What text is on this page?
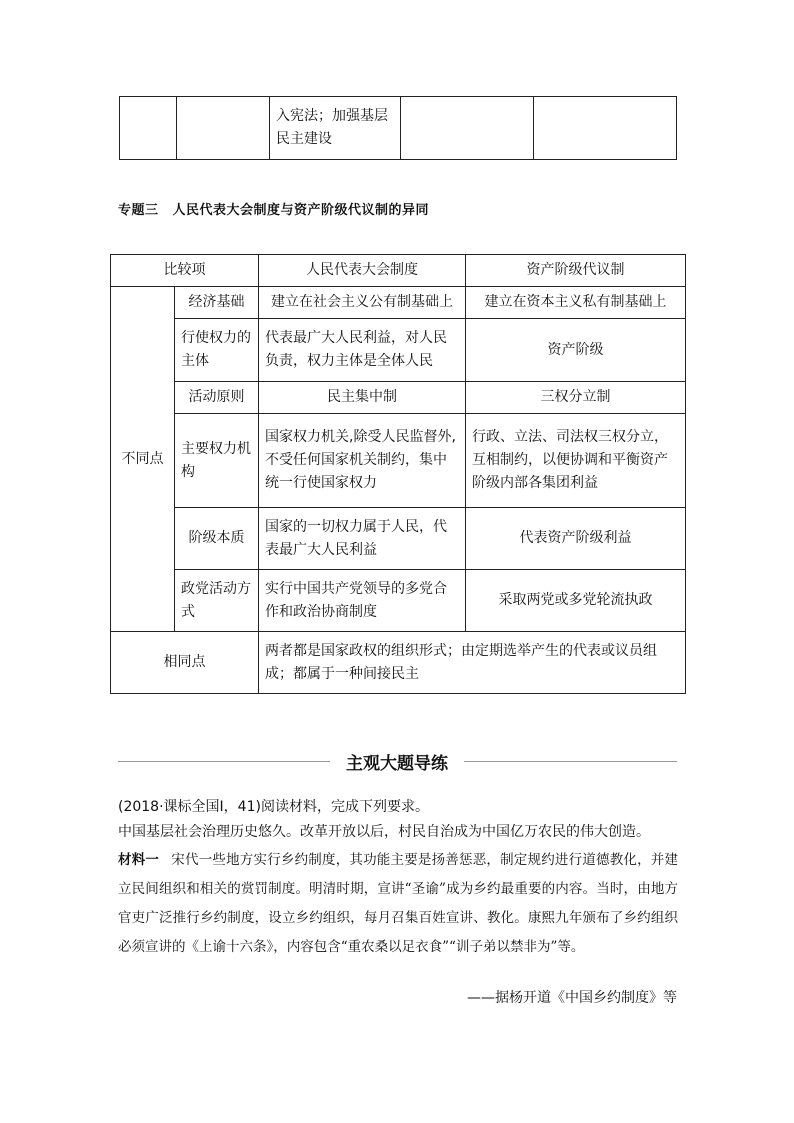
		入宪法；加强基层民主建设		
专题三 人民代表大会制度与资产阶级代议制的异同
比较项		人民代表大会制度	资产阶级代议制
不同点	经济基础	建立在社会主义公有制基础上	建立在资本主义私有制基础上
	行使权力的主体	代表最广大人民利益，对人民负责，权力主体是全体人民	资产阶级
	活动原则	民主集中制	三权分立制
	主要权力机构	国家权力机关,除受人民监督外,不受任何国家机关制约，集中统一行使国家权力	行政、立法、司法权三权分立，互相制约，以便协调和平衡资产阶级内部各集团利益
	阶级本质	国家的一切权力属于人民，代表最广大人民利益	代表资产阶级利益
	政党活动方式	实行中国共产党领导的多党合作和政治协商制度	采取两党或多党轮流执政
相同点		两者都是国家政权的组织形式；由定期选举产生的代表或议员组成；都属于一种间接民主	
主观大题导练
(2018·课标全国Ⅰ，41)阅读材料，完成下列要求。
中国基层社会治理历史悠久。改革开放以后，村民自治成为中国亿万农民的伟大创造。
材料一 宋代一些地方实行乡约制度，其功能主要是扬善惩恶，制定规约进行道德教化，并建立民间组织和相关的赏罚制度。明清时期，宣讲“圣谕”成为乡约最重要的内容。当时，由地方官吏广泛推行乡约制度，设立乡约组织，每月召集百姓宣讲、教化。康熙九年颁布了乡约组织必须宣讲的《上谕十六条》，内容包含“重农桑以足衣食”“训子弟以禁非为”等。
——据杨开道《中国乡约制度》等
